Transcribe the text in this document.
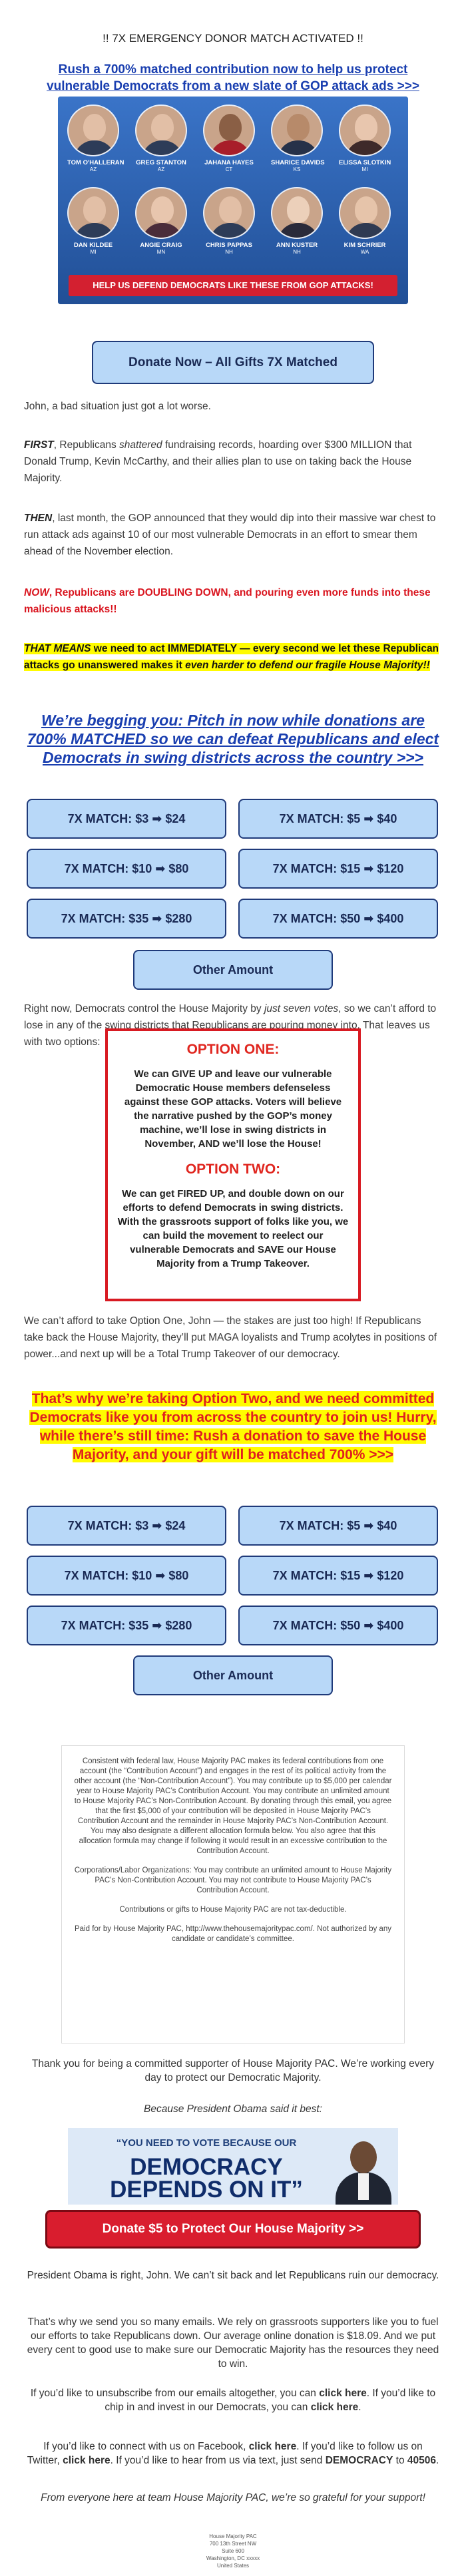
!! 7X EMERGENCY DONOR MATCH ACTIVATED !!
Rush a 700% matched contribution now to help us protect vulnerable Democrats from a new slate of GOP attack ads >>>
TOM O'HALLERAN
AZ
GREG STANTON
AZ
JAHANA HAYES
CT
SHARICE DAVIDS
KS
ELISSA SLOTKIN
MI
DAN KILDEE
MI
ANGIE CRAIG
MN
CHRIS PAPPAS
NH
ANN KUSTER
NH
KIM SCHRIER
WA
HELP US DEFEND DEMOCRATS LIKE THESE FROM GOP ATTACKS!
Donate Now – All Gifts 7X Matched
John, a bad situation just got a lot worse.
FIRST, Republicans shattered fundraising records, hoarding over $300 MILLION that Donald Trump, Kevin McCarthy, and their allies plan to use on taking back the House Majority.
THEN, last month, the GOP announced that they would dip into their massive war chest to run attack ads against 10 of our most vulnerable Democrats in an effort to smear them ahead of the November election.
NOW, Republicans are DOUBLING DOWN, and pouring even more funds into these malicious attacks!!
THAT MEANS we need to act IMMEDIATELY — every second we let these Republican attacks go unanswered makes it even harder to defend our fragile House Majority!!
We’re begging you: Pitch in now while donations are 700% MATCHED so we can defeat Republicans and elect Democrats in swing districts across the country >>>
7X MATCH: $3 ➡ $24	7X MATCH: $5 ➡ $40
7X MATCH: $10 ➡ $80	7X MATCH: $15 ➡ $120
7X MATCH: $35 ➡ $280	7X MATCH: $50 ➡ $400
Other Amount
Right now, Democrats control the House Majority by just seven votes, so we can’t afford to lose in any of the swing districts that Republicans are pouring money into. That leaves us with two options:	OPTION ONE:
We can GIVE UP and leave our vulnerable Democratic House members defenseless against these GOP attacks. Voters will believe the narrative pushed by the GOP’s money machine, we’ll lose in swing districts in November, AND we’ll lose the House!
OPTION TWO:
We can get FIRED UP, and double down on our efforts to defend Democrats in swing districts. With the grassroots support of folks like you, we can build the movement to reelect our vulnerable Democrats and SAVE our House Majority from a Trump Takeover.
We can’t afford to take Option One, John — the stakes are just too high! If Republicans take back the House Majority, they’ll put MAGA loyalists and Trump acolytes in positions of power...and next up will be a Total Trump Takeover of our democracy.
That’s why we’re taking Option Two, and we need committed Democrats like you from across the country to join us! Hurry, while there’s still time: Rush a donation to save the House Majority, and your gift will be matched 700% >>>
7X MATCH: $3 ➡ $24	7X MATCH: $5 ➡ $40
7X MATCH: $10 ➡ $80	7X MATCH: $15 ➡ $120
7X MATCH: $35 ➡ $280	7X MATCH: $50 ➡ $400
Other Amount

Consistent with federal law, House Majority PAC makes its federal contributions from one account (the “Contribution Account”) and engages in the rest of its political activity from the other account (the “Non-Contribution Account”). You may contribute up to $5,000 per calendar year to House Majority PAC’s Contribution Account. You may contribute an unlimited amount to House Majority PAC’s Non-Contribution Account. By donating through this email, you agree that the first $5,000 of your contribution will be deposited in House Majority PAC’s Contribution Account and the remainder in House Majority PAC’s Non-Contribution Account. You may also designate a different allocation formula below. You also agree that this allocation formula may change if following it would result in an excessive contribution to the Contribution Account.

Corporations/Labor Organizations: You may contribute an unlimited amount to House Majority PAC’s Non-Contribution Account. You may not contribute to House Majority PAC’s Contribution Account.

Contributions or gifts to House Majority PAC are not tax-deductible.

Paid for by House Majority PAC, http://www.thehousemajoritypac.com/. Not authorized by any candidate or candidate’s committee.

Thank you for being a committed supporter of House Majority PAC. We’re working every day to protect our Democratic Majority.
Because President Obama said it best:
“YOU NEED TO VOTE BECAUSE OUR
DEMOCRACY DEPENDS ON IT”
Donate $5 to Protect Our House Majority >>
President Obama is right, John. We can’t sit back and let Republicans ruin our democracy.
That’s why we send you so many emails. We rely on grassroots supporters like you to fuel our efforts to take Republicans down. Our average online donation is $18.09. And we put every cent to good use to make sure our Democratic Majority has the resources they need to win.
If you’d like to unsubscribe from our emails altogether, you can click here. If you’d like to chip in and invest in our Democrats, you can click here.
If you’d like to connect with us on Facebook, click here. If you’d like to follow us on Twitter, click here. If you’d like to hear from us via text, just send DEMOCRACY to 40506.
From everyone here at team House Majority PAC, we’re so grateful for your support!
House Majority PAC
700 13th Street NW
Suite 600
Washington, DC xxxxx
United States
